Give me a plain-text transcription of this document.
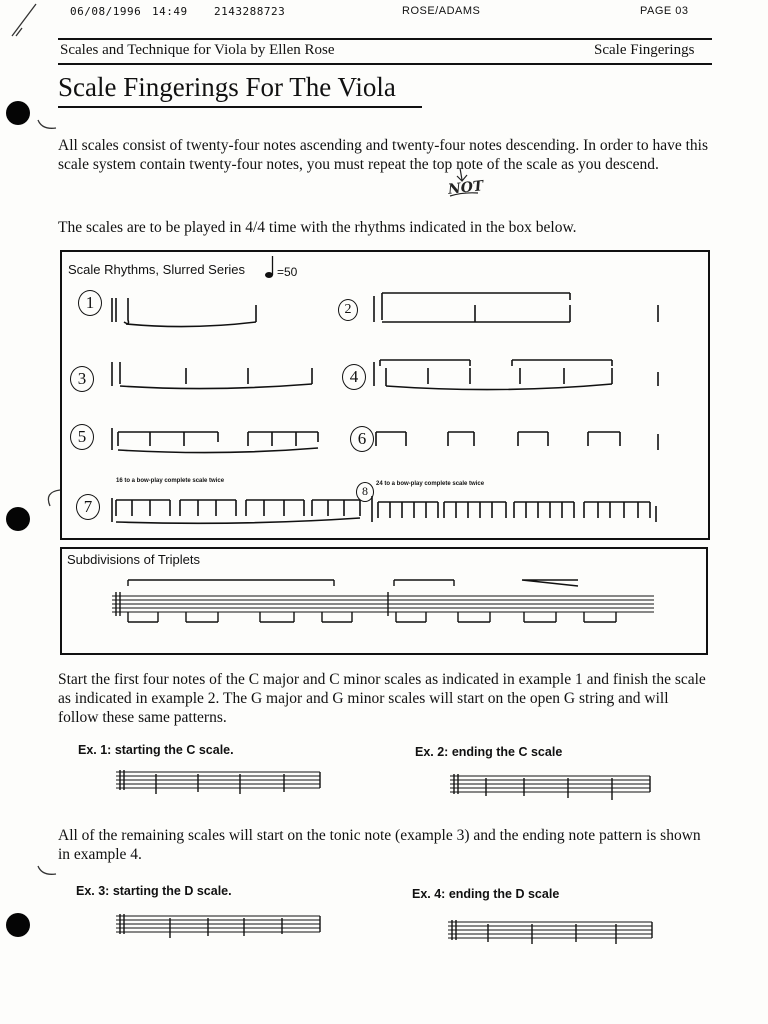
06/08/1996 14:49 2143288723	ROSE/ADAMS	PAGE 03
Scales and Technique for Viola by Ellen Rose	Scale Fingerings
Scale Fingerings For The Viola

All scales consist of twenty-four notes ascending and twenty-four notes descending. In order to have this scale system contain twenty-four notes, you must repeat the top note of the scale as you descend.

NOT

The scales are to be played in 4/4 time with the rhythms indicated in the box below.

Scale Rhythms, Slurred Series	=50
1	2
3	4
5	6
7
8
16 to a bow-play complete scale twice	24 to a bow-play complete scale twice
Subdivisions of Triplets

Start the first four notes of the C major and C minor scales as indicated in example 1 and finish the scale as indicated in example 2. The G major and G minor scales will start on the open G string and will follow these same patterns.

Ex. 1: starting the C scale.	Ex. 2: ending the C scale

All of the remaining scales will start on the tonic note (example 3) and the ending note pattern is shown in example 4.

Ex. 3: starting the D scale.	Ex. 4: ending the D scale
